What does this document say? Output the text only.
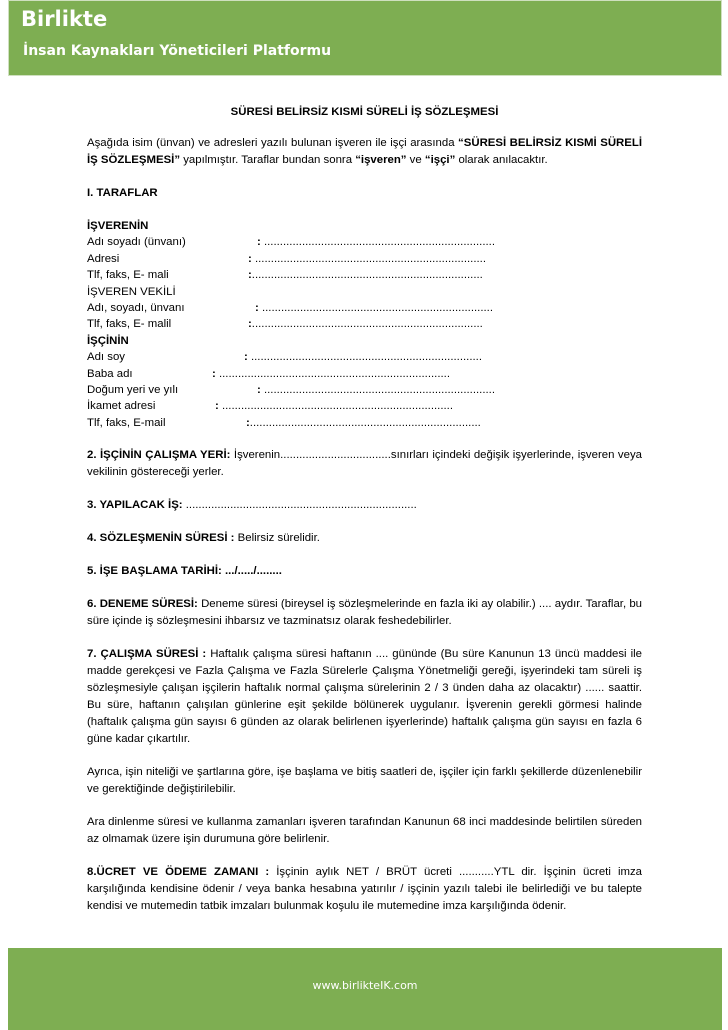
Birlikte
İnsan Kaynakları Yöneticileri Platformu
SÜRESİ BELİRSİZ KISMİ SÜRELİ İŞ SÖZLEŞMESİ

Aşağıda isim (ünvan) ve adresleri yazılı bulunan işveren ile işçi arasında “SÜRESİ BELİRSİZ KISMİ SÜRELİ İŞ SÖZLEŞMESİ” yapılmıştır. Taraflar bundan sonra “işveren” ve “işçi” olarak anılacaktır.

I. TARAFLAR
İŞVERENİN
Adı soyadı (ünvanı)	: .........................................................................
Adresi	: .........................................................................
Tlf, faks, E- mali	:.........................................................................
İŞVEREN VEKİLİ
Adı, soyadı, ünvanı	: .........................................................................
Tlf, faks, E- malil	:.........................................................................
İŞÇİNİN
Adı soy	: .........................................................................
Baba adı	: .........................................................................
Doğum yeri ve yılı	: .........................................................................
İkamet adresi	: .........................................................................
Tlf, faks, E-mail	:.........................................................................

2. İŞÇİNİN ÇALIŞMA YERİ: İşverenin...................................sınırları içindeki değişik işyerlerinde, işveren veya vekilinin göstereceği yerler.

3. YAPILACAK İŞ: .........................................................................

4. SÖZLEŞMENİN SÜRESİ : Belirsiz sürelidir.

5. İŞE BAŞLAMA TARİHİ: .../...../........

6. DENEME SÜRESİ: Deneme süresi (bireysel iş sözleşmelerinde en fazla iki ay olabilir.) .... aydır. Taraflar, bu süre içinde iş sözleşmesini ihbarsız ve tazminatsız olarak feshedebilirler.

7. ÇALIŞMA SÜRESİ : Haftalık çalışma süresi haftanın .... gününde (Bu süre Kanunun 13 üncü maddesi ile madde gerekçesi ve Fazla Çalışma ve Fazla Sürelerle Çalışma Yönetmeliği gereği, işyerindeki tam süreli iş sözleşmesiyle çalışan işçilerin haftalık normal çalışma sürelerinin 2 / 3 ünden daha az olacaktır) ...... saattir. Bu süre, haftanın çalışılan günlerine eşit şekilde bölünerek uygulanır. İşverenin gerekli görmesi halinde (haftalık çalışma gün sayısı 6 günden az olarak belirlenen işyerlerinde) haftalık çalışma gün sayısı en fazla 6 güne kadar çıkartılır.

Ayrıca, işin niteliği ve şartlarına göre, işe başlama ve bitiş saatleri de, işçiler için farklı şekillerde düzenlenebilir ve gerektiğinde değiştirilebilir.

Ara dinlenme süresi ve kullanma zamanları işveren tarafından Kanunun 68 inci maddesinde belirtilen süreden az olmamak üzere işin durumuna göre belirlenir.

8.ÜCRET VE ÖDEME ZAMANI : İşçinin aylık NET / BRÜT ücreti ...........YTL dir. İşçinin ücreti imza karşılığında kendisine ödenir / veya banka hesabına yatırılır / işçinin yazılı talebi ile belirlediği ve bu talepte kendisi ve mutemedin tatbik imzaları bulunmak koşulu ile mutemedine imza karşılığında ödenir.

www.birlikteIK.com
